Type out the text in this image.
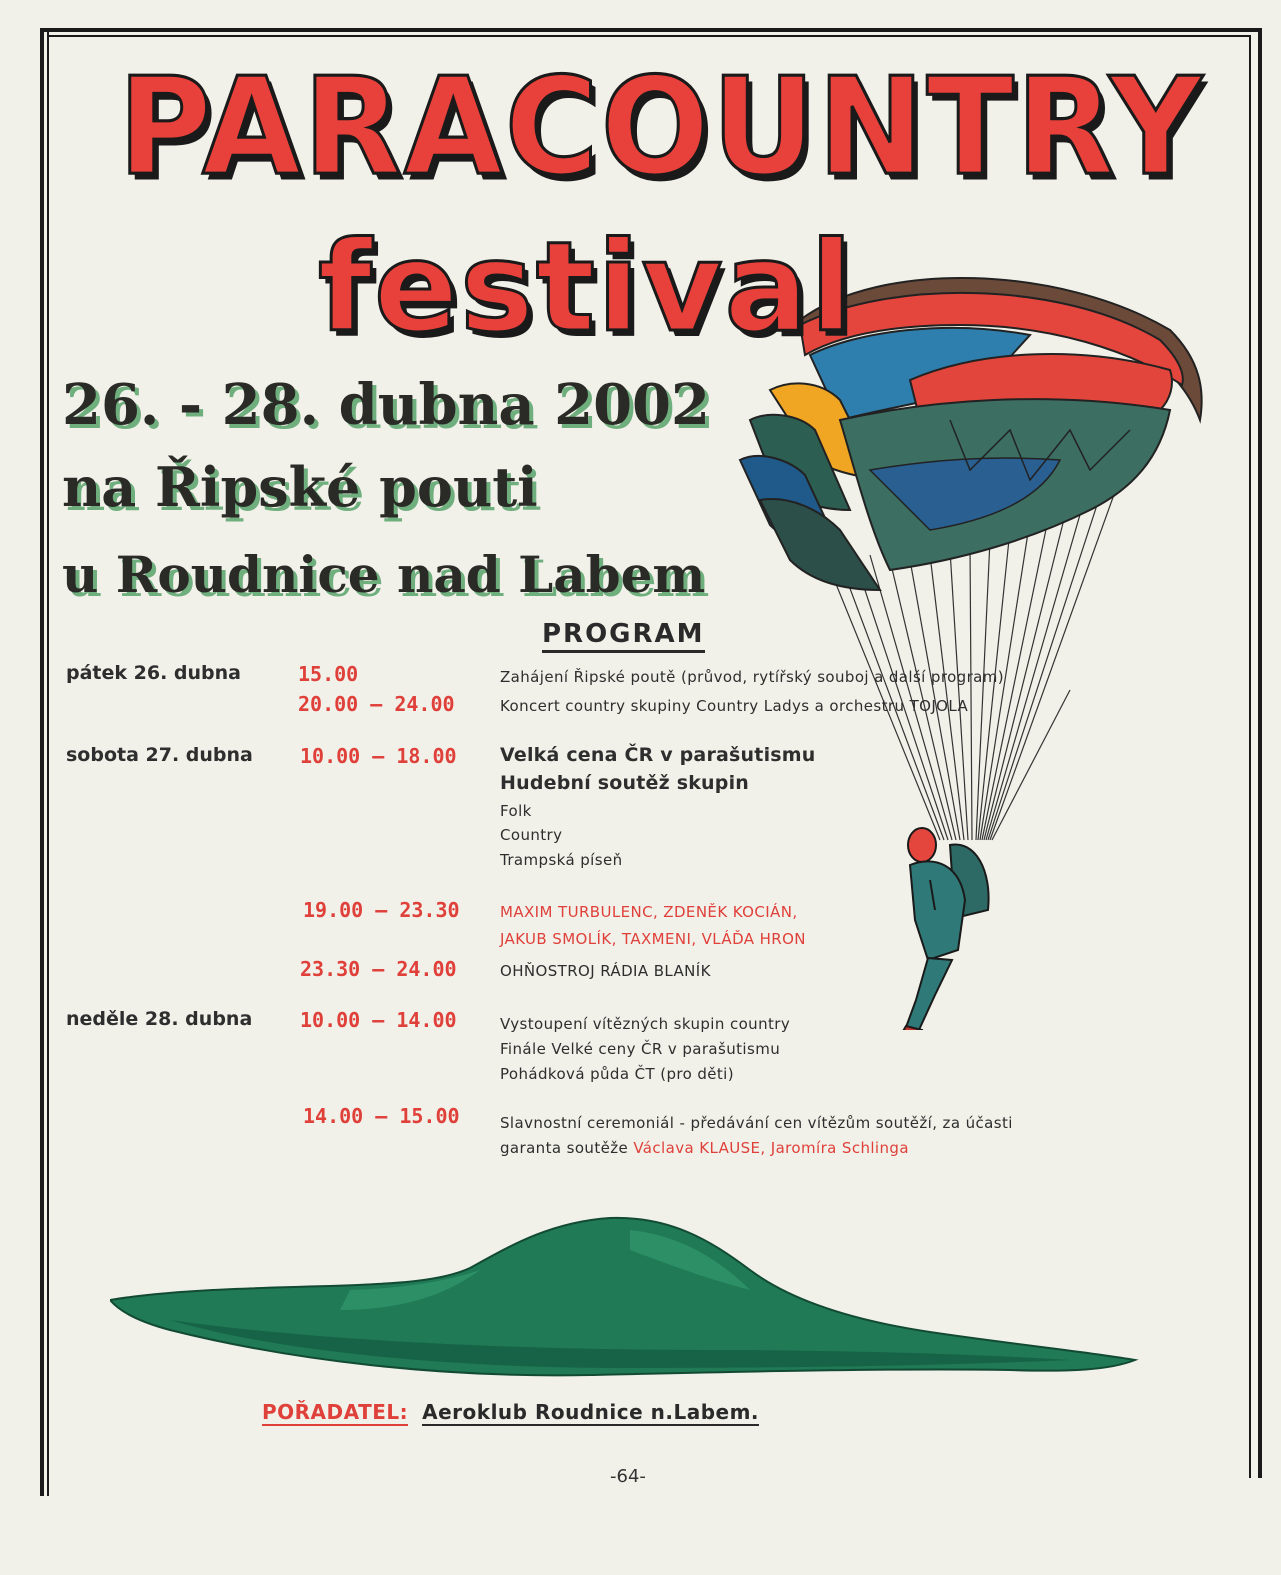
PARACOUNTRY
festival

26. - 28. dubna 2002

na Řipské pouti

u Roudnice nad Labem

PROGRAM
pátek 26. dubna	15.00	Zahájení Řipské poutě (průvod, rytířský souboj a další program)
20.00 – 24.00	Koncert country skupiny Country Ladys a orchestru TOJOLA
sobota 27. dubna 10.00 – 18.00 Velká cena ČR v parašutismu
Hudební soutěž skupin
Folk
Country
Trampská píseň
19.00 – 23.30	MAXIM TURBULENC, ZDENĚK KOCIÁN,
JAKUB SMOLÍK, TAXMENI, VLÁĎA HRON
23.30 – 24.00	OHŇOSTROJ RÁDIA BLANÍK
neděle 28. dubna 10.00 – 14.00	Vystoupení vítězných skupin country
Finále Velké ceny ČR v parašutismu
Pohádková půda ČT (pro děti)
14.00 – 15.00	Slavnostní ceremoniál - předávání cen vítězům soutěží, za účasti
garanta soutěže Václava KLAUSE, Jaromíra Schlinga
POŘADATEL: Aeroklub Roudnice n.Labem.
-64-
